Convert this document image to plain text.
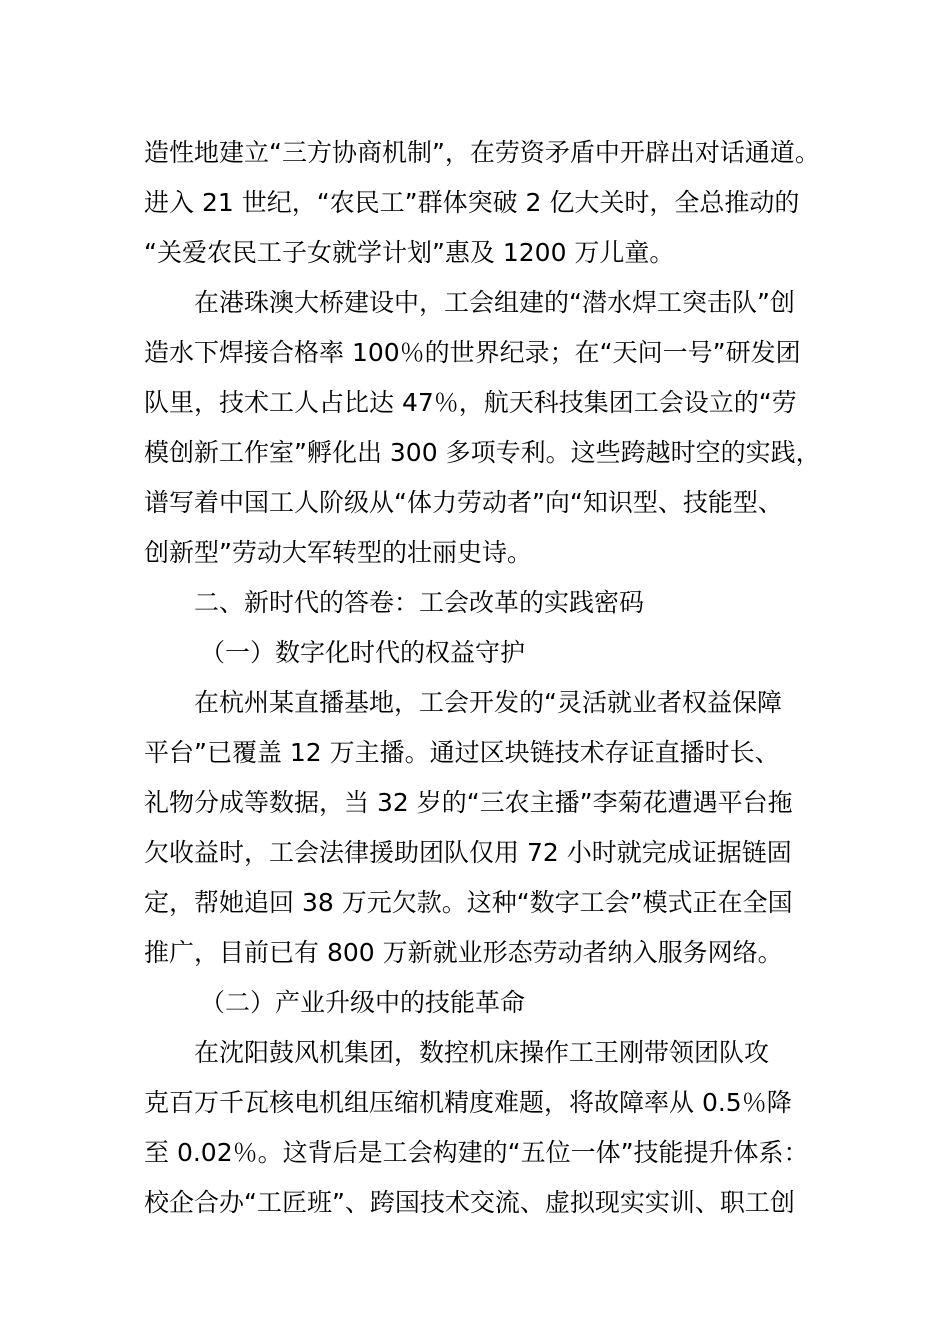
造性地建立“三方协商机制”，在劳资矛盾中开辟出对话通道。
进入 21 世纪，“农民工”群体突破 2 亿大关时，全总推动的
“关爱农民工子女就学计划”惠及 1200 万儿童。
在港珠澳大桥建设中，工会组建的“潜水焊工突击队”创
造水下焊接合格率 100％的世界纪录；在“天问一号”研发团
队里，技术工人占比达 47％，航天科技集团工会设立的“劳
模创新工作室”孵化出 300 多项专利。这些跨越时空的实践，
谱写着中国工人阶级从“体力劳动者”向“知识型、技能型、
创新型”劳动大军转型的壮丽史诗。
二、新时代的答卷：工会改革的实践密码
（一）数字化时代的权益守护
在杭州某直播基地，工会开发的“灵活就业者权益保障
平台”已覆盖 12 万主播。通过区块链技术存证直播时长、
礼物分成等数据，当 32 岁的“三农主播”李菊花遭遇平台拖
欠收益时，工会法律援助团队仅用 72 小时就完成证据链固
定，帮她追回 38 万元欠款。这种“数字工会”模式正在全国
推广，目前已有 800 万新就业形态劳动者纳入服务网络。
（二）产业升级中的技能革命
在沈阳鼓风机集团，数控机床操作工王刚带领团队攻
克百万千瓦核电机组压缩机精度难题，将故障率从 0.5％降
至 0.02％。这背后是工会构建的“五位一体”技能提升体系：
校企合办“工匠班”、跨国技术交流、虚拟现实实训、职工创
